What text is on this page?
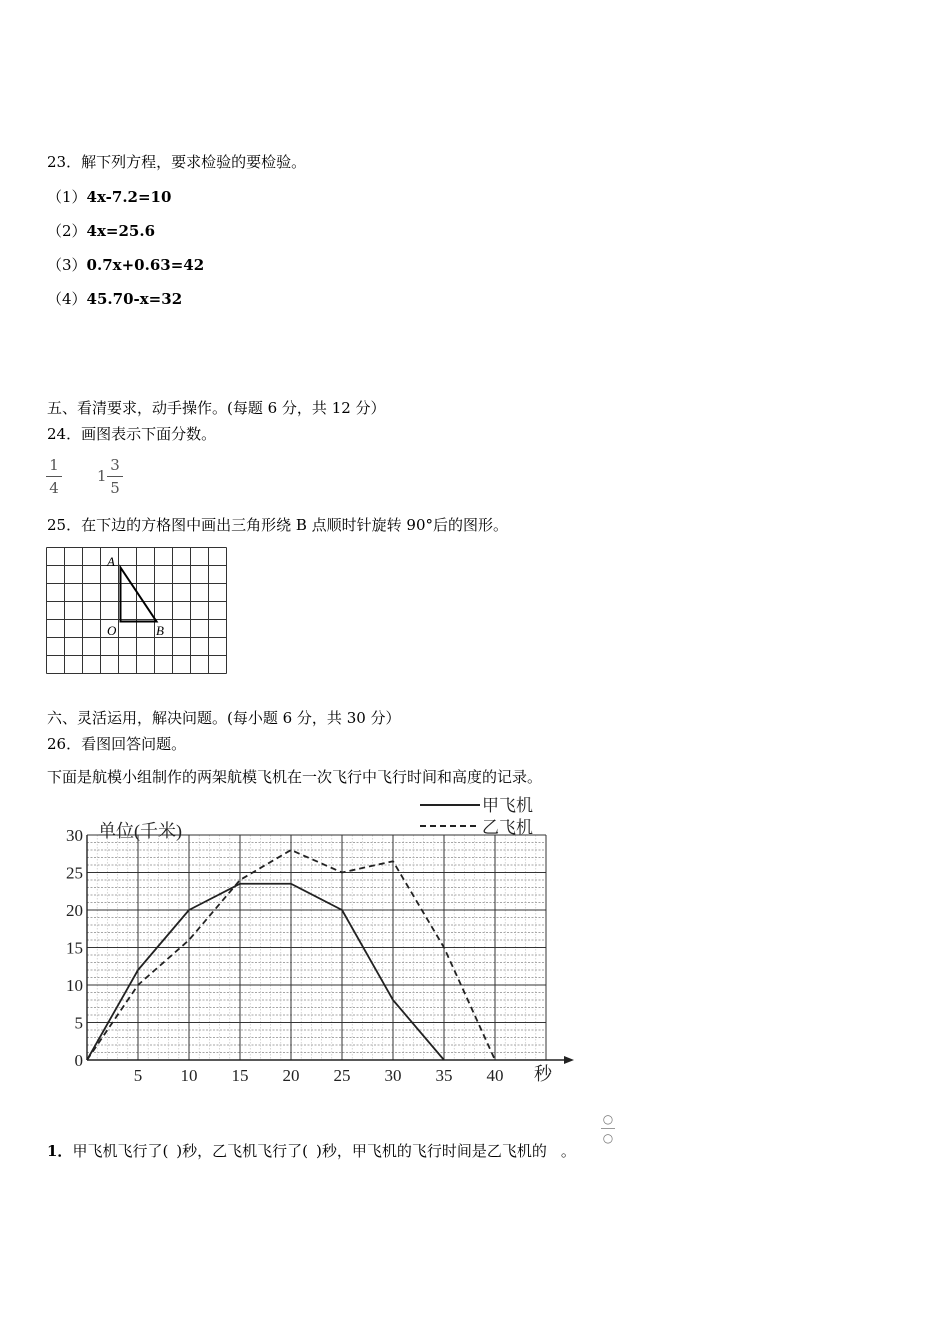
23．解下列方程，要求检验的要检验。
（1）4x-7.2=10
（2）4x=25.6
（3）0.7x+0.63=42
（4）45.70-x=32
五、看清要求，动手操作。(每题 6 分，共 12 分）
24．画图表示下面分数。
1
4
1
3
5
25．在下边的方格图中画出三角形绕 B 点顺时针旋转 90°后的图形。
A
O	B
六、灵活运用，解决问题。(每小题 6 分，共 30 分）
26．看图回答问题。
下面是航模小组制作的两架航模飞机在一次飞行中飞行时间和高度的记录。
0
5
10
15
20
25
30
5 10 15 20 25 30 35 40
单位(千米)
秒
甲飞机
乙飞机
1．甲飞机飞行了( )秒，乙飞机飞行了( )秒，甲飞机的飞行时间是乙飞机的 。
○
○
